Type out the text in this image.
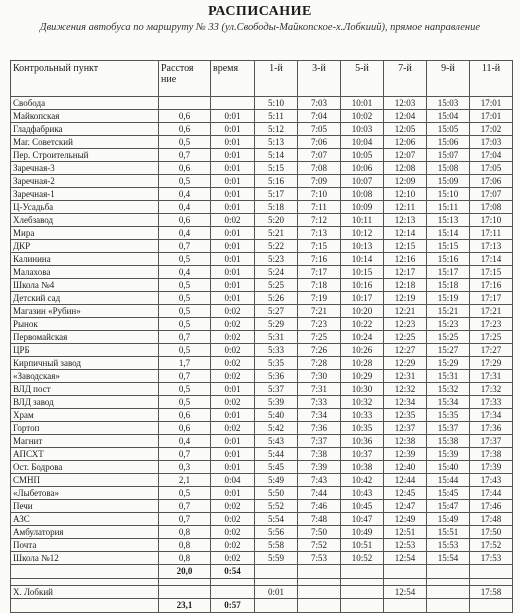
РАСПИСАНИЕ
Движения автобуса по маршруту № 33 (ул.Свободы-Майкопское-х.Лобкиий), прямое направление
Контрольный пункт	Расстоя ние	время	1-й	3-й	5-й	7-й	9-й	11-й
Свобода			5:10	7:03	10:01	12:03	15:03	17:01
Майкопская	0,6	0:01	5:11	7:04	10:02	12:04	15:04	17:01
Гладфабрика	0,6	0:01	5:12	7:05	10:03	12:05	15:05	17:02
Маг. Советский	0,5	0:01	5:13	7:06	10:04	12:06	15:06	17:03
Пер. Строительный	0,7	0:01	5:14	7:07	10:05	12:07	15:07	17:04
Заречная-3	0,6	0:01	5:15	7:08	10:06	12:08	15:08	17:05
Заречная-2	0,5	0:01	5:16	7:09	10:07	12:09	15:09	17:06
Заречная-1	0,4	0:01	5:17	7:10	10:08	12:10	15:10	17:07
Ц-Усадьба	0,4	0:01	5:18	7:11	10:09	12:11	15:11	17:08
Хлебзавод	0,6	0:02	5:20	7:12	10:11	12:13	15:13	17:10
Мира	0,4	0:01	5:21	7:13	10:12	12:14	15:14	17:11
ДКР	0,7	0:01	5:22	7:15	10:13	12:15	15:15	17:13
Калинина	0,5	0:01	5:23	7:16	10:14	12:16	15:16	17:14
Малахова	0,4	0:01	5:24	7:17	10:15	12:17	15:17	17:15
Школа №4	0,5	0:01	5:25	7:18	10:16	12:18	15:18	17:16
Детский сад	0,5	0:01	5:26	7:19	10:17	12:19	15:19	17:17
Магазин «Рубин»	0,5	0:02	5:27	7:21	10:20	12:21	15:21	17:21
Рынок	0,5	0:02	5:29	7:23	10:22	12:23	15:23	17:23
Первомайская	0,7	0:02	5:31	7:25	10:24	12:25	15:25	17:25
ЦРБ	0,5	0:02	5:33	7:26	10:26	12:27	15:27	17:27
Кирпичный завод	1,7	0:02	5:35	7:28	10:28	12:29	15:29	17:29
«Заводская»	0,7	0:02	5:36	7:30	10:29	12:31	15:31	17:31
ВЛД пост	0,5	0:01	5:37	7:31	10:30	12:32	15:32	17:32
ВЛД завод	0,5	0:02	5:39	7:33	10:32	12:34	15:34	17:33
Храм	0,6	0:01	5:40	7:34	10:33	12:35	15:35	17:34
Гортоп	0,6	0:02	5:42	7:36	10:35	12:37	15:37	17:36
Магнит	0,4	0:01	5:43	7:37	10:36	12:38	15:38	17:37
АПСХТ	0,7	0:01	5:44	7:38	10:37	12:39	15:39	17:38
Ост. Бодрова	0,3	0:01	5:45	7:39	10:38	12:40	15:40	17:39
СМНП	2,1	0:04	5:49	7:43	10:42	12:44	15:44	17:43
«Лыбетова»	0,5	0:01	5:50	7:44	10:43	12:45	15:45	17:44
Печи	0,7	0:02	5:52	7:46	10:45	12:47	15:47	17:46
АЗС	0,7	0:02	5:54	7:48	10:47	12:49	15:49	17:48
Амбулатория	0,8	0:02	5:56	7:50	10:49	12:51	15:51	17:50
Почта	0,8	0:02	5:58	7:52	10:51	12:53	15:53	17:52
Школа №12	0,8	0:02	5:59	7:53	10:52	12:54	15:54	17:53
	20,0	0:54						

Х. Лобкий			0:01			12:54		17:58
	23,1	0:57						
